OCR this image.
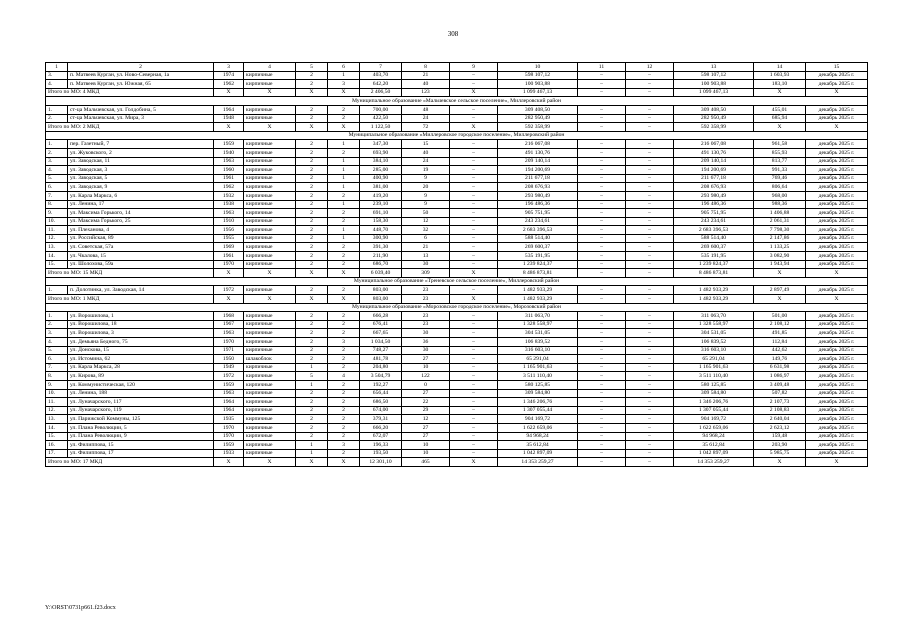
308
1	2	3	4	5	6	7	8	9	10	11	12	13	14	15
3.	п. Матвеев Курган, ул. Ново-Северная, 1а	1974	кирпичные	2	1	403,70	21	–	598 107,12	–	–	598 107,12	1 603,93	декабрь 2025 г.
4.	п. Матвеев Курган, ул. Южная, 65	1962	кирпичные	2	3	642,20	40	–	100 903,88	–	–	100 903,88	183,10	декабрь 2025 г.
Итого по МО: 4 МКД		X	X	X	X	2 406,50	123	X	1 099 467,13	–	–	1 099 467,13	X	X
Муниципальное образование «Мальчевское сельское поселение», Миллеровский район														
1.	ст-ца Мальчевская, ул. Голдобина, 5	1964	кирпичные	2	2	700,00	48	–	309 408,50	–	–	309 408,50	455,01	декабрь 2025 г.
2.	ст-ца Мальчевская, ул. Мира, 3	1948	кирпичные	2	2	422,50	24	–	282 950,49	–	–	282 950,49	685,94	декабрь 2025 г.
Итого по МО: 2 МКД		X	X	X	X	1 122,50	72	X	592 358,99	–	–	592 358,99	X	X
Муниципальное образование «Миллеровское городское поселение», Миллеровский район														
1.	пер. Газетный, 7	1959	кирпичные	2	1	347,30	15	–	216 067,08	–	–	216 067,08	961,58	декабрь 2025 г.
2.	ул. Жуковского, 2	1940	кирпичные	2	2	693,90	40	–	491 130,76	–	–	491 130,76	855,93	декабрь 2025 г.
3.	ул. Заводская, 11	1963	кирпичные	2	1	384,10	24	–	209 140,14	–	–	209 140,14	813,77	декабрь 2025 г.
4.	ул. Заводская, 3	1960	кирпичные	2	1	285,00	19	–	194 200,69	–	–	194 200,69	991,33	декабрь 2025 г.
5.	ул. Заводская, 5	1961	кирпичные	2	1	400,90	9	–	211 677,18	–	–	211 677,18	769,46	декабрь 2025 г.
6.	ул. Заводская, 9	1962	кирпичные	2	1	381,00	20	–	208 676,93	–	–	208 676,93	806,64	декабрь 2025 г.
7.	ул. Карла Маркса, 6	1932	кирпичные	2	2	419,20	9	–	293 980,49	–	–	293 980,49	968,00	декабрь 2025 г.
8.	ул. Ленина, 17	1938	кирпичные	2	1	239,10	9	–	196 486,36	–	–	196 486,36	988,36	декабрь 2025 г.
9.	ул. Максима Горького, 14	1963	кирпичные	2	2	691,10	50	–	905 751,95	–	–	905 751,95	1 406,88	декабрь 2025 г.
10.	ул. Максима Горького, 25	1910	кирпичные	2	2	158,30	12	–	243 234,61	–	–	243 234,61	2 061,31	декабрь 2025 г.
11.	ул. Плеханова, 4	1956	кирпичные	2	1	448,70	32	–	2 683 396,53	–	–	2 683 396,53	7 798,30	декабрь 2025 г.
12.	ул. Российская, 89	1955	кирпичные	2	1	300,90	6	–	588 514,40	–	–	588 514,40	2 147,86	декабрь 2025 г.
13.	ул. Советская, 57а	1969	кирпичные	2	2	391,30	21	–	269 600,37	–	–	269 600,37	1 133,25	декабрь 2025 г.
14.	ул. Чкалова, 15	1961	кирпичные	2	2	211,90	13	–	535 191,95	–	–	535 191,95	3 082,90	декабрь 2025 г.
15.	ул. Шолохова, 59а	1970	кирпичные	2	2	686,70	30	–	1 239 824,37	–	–	1 239 824,37	1 943,94	декабрь 2025 г.
Итого по МО: 15 МКД		X	X	X	X	6 039,40	309	X	8 486 873,81	–	–	8 486 873,81	X	X
Муниципальное образование «Треневское сельское поселение», Миллеровский район														
1.	п. Долотинка, ул. Заводская, 14	1972	кирпичные	2	2	803,00	23	–	1 482 933,29	–	–	1 482 933,29	2 897,49	декабрь 2025 г.
Итого по МО: 1 МКД		X	X	X	X	803,00	23	X	1 482 933,29	–	–	1 482 933,29	X	X
Муниципальное образование «Морозовское городское поселение», Морозовский район														
1.	ул. Ворошилова, 1	1968	кирпичные	2	2	666,28	23	–	311 063,70	–	–	311 063,70	501,00	декабрь 2025 г.
2.	ул. Ворошилова, 18	1967	кирпичные	2	2	676,41	23	–	1 328 558,97	–	–	1 328 558,97	2 108,12	декабрь 2025 г.
3.	ул. Ворошилова, 3	1963	кирпичные	2	2	667,65	30	–	304 531,05	–	–	304 531,05	491,85	декабрь 2025 г.
4.	ул. Демьяна Бедного, 75	1970	кирпичные	2	3	1 034,50	36	–	106 839,52	–	–	106 839,52	112,84	декабрь 2025 г.
5.	ул. Донскова, 15	1971	кирпичные	2	2	748,27	30	–	316 603,10	–	–	316 603,10	442,62	декабрь 2025 г.
6.	ул. Истомина, 62	1950	шлакоблок	2	2	481,78	27	–	65 291,04	–	–	65 291,04	149,76	декабрь 2025 г.
7.	ул. Карла Маркса, 28	1949	кирпичные	1	2	204,80	10	–	1 165 901,63	–	–	1 165 901,63	6 631,98	декабрь 2025 г.
8.	ул. Кирова, 89	1972	кирпичные	5	4	3 504,79	122	–	3 511 110,40	–	–	3 511 110,40	1 086,97	декабрь 2025 г.
9.	ул. Коммунистическая, 120	1959	кирпичные	1	2	192,27	0	–	580 125,85	–	–	580 125,85	3 409,48	декабрь 2025 г.
10.	ул. Ленина, 188	1963	кирпичные	2	2	656,44	27	–	309 584,80	–	–	309 584,80	507,82	декабрь 2025 г.
11.	ул. Луначарского, 117	1964	кирпичные	2	2	686,50	22	–	1 346 206,76	–	–	1 346 206,76	2 107,73	декабрь 2025 г.
12.	ул. Луначарского, 119	1964	кирпичные	2	2	674,00	29	–	1 307 055,44	–	–	1 307 055,44	2 108,83	декабрь 2025 г.
13.	ул. Парижской Коммуны, 125	1935	кирпичные	2	2	379,31	12	–	904 169,72	–	–	904 169,72	2 640,04	декабрь 2025 г.
14.	ул. Плана Революции, 5	1970	кирпичные	2	2	666,20	27	–	1 622 659,06	–	–	1 622 659,06	2 623,12	декабрь 2025 г.
15.	ул. Плана Революции, 9	1970	кирпичные	2	2	672,07	27	–	94 968,24	–	–	94 968,24	159,48	декабрь 2025 г.
16.	ул. Филиппова, 15	1959	кирпичные	1	3	196,33	10	–	35 612,84	–	–	35 612,84	203,90	декабрь 2025 г.
17.	ул. Филиппова, 17	1933	кирпичные	1	2	193,50	10	–	1 042 897,09	–	–	1 042 897,09	5 985,75	декабрь 2025 г.
Итого по МО: 17 МКД		X	X	X	X	12 301,10	465	X	14 353 259,27	–	–	14 353 259,27	X	X
Y:\ORST\0731p661.f23.docx
